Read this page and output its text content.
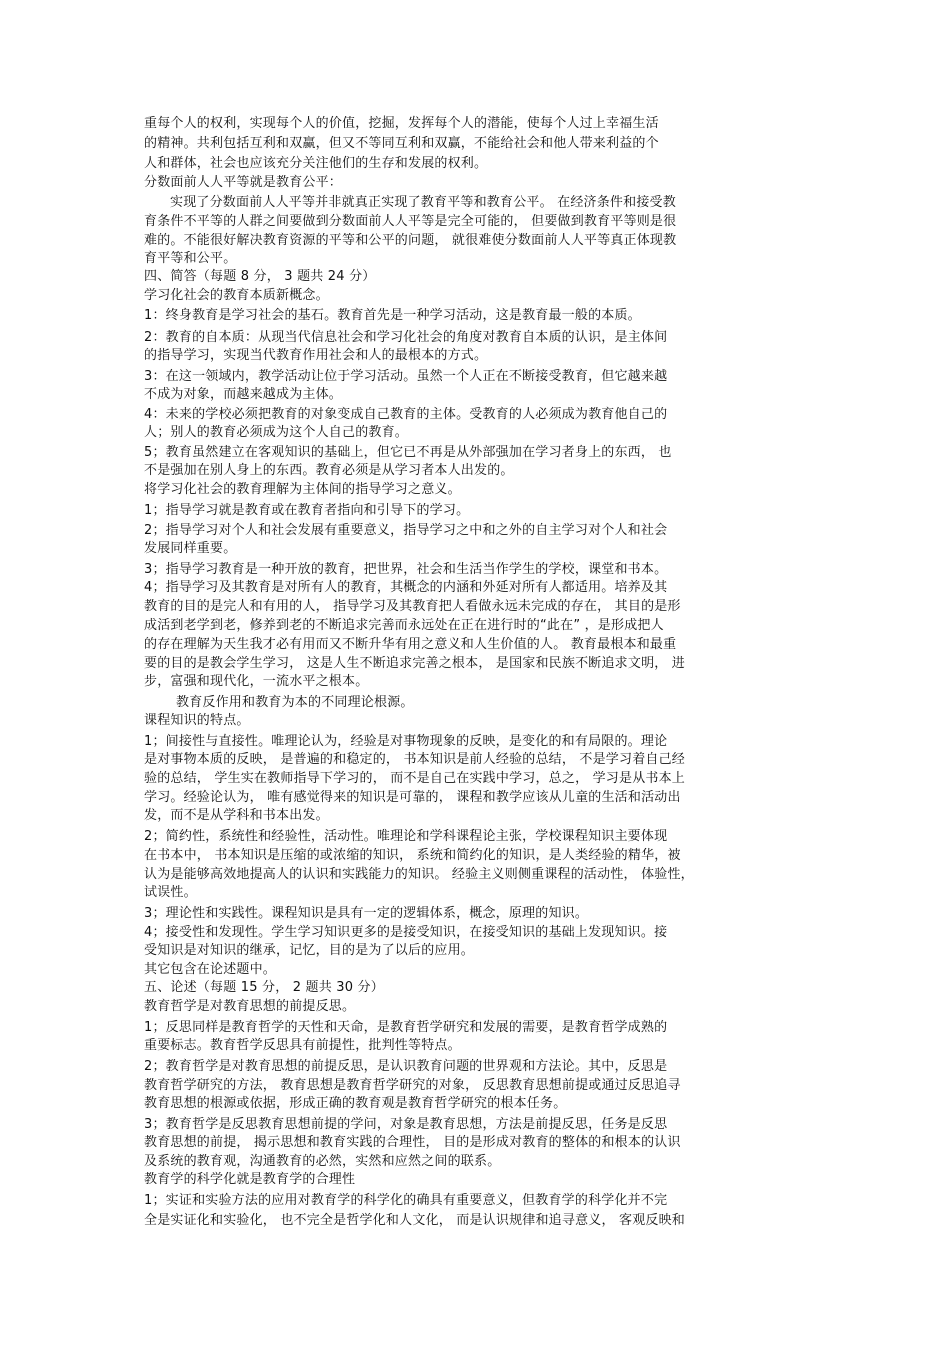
重每个人的权利，实现每个人的价值，挖掘，发挥每个人的潜能，使每个人过上幸福生活
的精神。共利包括互利和双赢，但又不等同互利和双赢，不能给社会和他人带来利益的个
人和群体，社会也应该充分关注他们的生存和发展的权利。
分数面前人人平等就是教育公平：
实现了分数面前人人平等并非就真正实现了教育平等和教育公平。 在经济条件和接受教
育条件不平等的人群之间要做到分数面前人人平等是完全可能的， 但要做到教育平等则是很
难的。不能很好解决教育资源的平等和公平的问题， 就很难使分数面前人人平等真正体现教
育平等和公平。
四、简答（每题 8 分， 3 题共 24 分）
学习化社会的教育本质新概念。
1：终身教育是学习社会的基石。教育首先是一种学习活动，这是教育最一般的本质。
2：教育的自本质：从现当代信息社会和学习化社会的角度对教育自本质的认识，是主体间
的指导学习，实现当代教育作用社会和人的最根本的方式。
3：在这一领域内，教学活动让位于学习活动。虽然一个人正在不断接受教育，但它越来越
不成为对象，而越来越成为主体。
4：未来的学校必须把教育的对象变成自己教育的主体。受教育的人必须成为教育他自己的
人；别人的教育必须成为这个人自己的教育。
5；教育虽然建立在客观知识的基础上，但它已不再是从外部强加在学习者身上的东西， 也
不是强加在别人身上的东西。教育必须是从学习者本人出发的。
将学习化社会的教育理解为主体间的指导学习之意义。
1；指导学习就是教育或在教育者指向和引导下的学习。
2；指导学习对个人和社会发展有重要意义，指导学习之中和之外的自主学习对个人和社会
发展同样重要。
3；指导学习教育是一种开放的教育，把世界，社会和生活当作学生的学校，课堂和书本。
4；指导学习及其教育是对所有人的教育，其概念的内涵和外延对所有人都适用。培养及其
教育的目的是完人和有用的人， 指导学习及其教育把人看做永远未完成的存在， 其目的是形
成活到老学到老，修养到老的不断追求完善而永远处在正在进行时的“此在” ，是形成把人
的存在理解为天生我才必有用而又不断升华有用之意义和人生价值的人。 教育最根本和最重
要的目的是教会学生学习， 这是人生不断追求完善之根本， 是国家和民族不断追求文明， 进
步，富强和现代化，一流水平之根本。
教育反作用和教育为本的不同理论根源。
课程知识的特点。
1；间接性与直接性。唯理论认为，经验是对事物现象的反映，是变化的和有局限的。理论
是对事物本质的反映， 是普遍的和稳定的， 书本知识是前人经验的总结， 不是学习着自己经
验的总结， 学生实在教师指导下学习的， 而不是自己在实践中学习，总之， 学习是从书本上
学习。经验论认为， 唯有感觉得来的知识是可靠的， 课程和教学应该从儿童的生活和活动出
发，而不是从学科和书本出发。
2；简约性，系统性和经验性，活动性。唯理论和学科课程论主张，学校课程知识主要体现
在书本中， 书本知识是压缩的或浓缩的知识， 系统和简约化的知识，是人类经验的精华，被
认为是能够高效地提高人的认识和实践能力的知识。 经验主义则侧重课程的活动性， 体验性，
试误性。
3；理论性和实践性。课程知识是具有一定的逻辑体系，概念，原理的知识。
4；接受性和发现性。学生学习知识更多的是接受知识，在接受知识的基础上发现知识。接
受知识是对知识的继承，记忆，目的是为了以后的应用。
其它包含在论述题中。
五、论述（每题 15 分， 2 题共 30 分）
教育哲学是对教育思想的前提反思。
1；反思同样是教育哲学的天性和天命，是教育哲学研究和发展的需要，是教育哲学成熟的
重要标志。教育哲学反思具有前提性，批判性等特点。
2；教育哲学是对教育思想的前提反思，是认识教育问题的世界观和方法论。其中，反思是
教育哲学研究的方法， 教育思想是教育哲学研究的对象， 反思教育思想前提或通过反思追寻
教育思想的根源或依据，形成正确的教育观是教育哲学研究的根本任务。
3；教育哲学是反思教育思想前提的学问，对象是教育思想，方法是前提反思，任务是反思
教育思想的前提， 揭示思想和教育实践的合理性， 目的是形成对教育的整体的和根本的认识
及系统的教育观，沟通教育的必然，实然和应然之间的联系。
教育学的科学化就是教育学的合理性
1；实证和实验方法的应用对教育学的科学化的确具有重要意义，但教育学的科学化并不完
全是实证化和实验化， 也不完全是哲学化和人文化， 而是认识规律和追寻意义， 客观反映和
